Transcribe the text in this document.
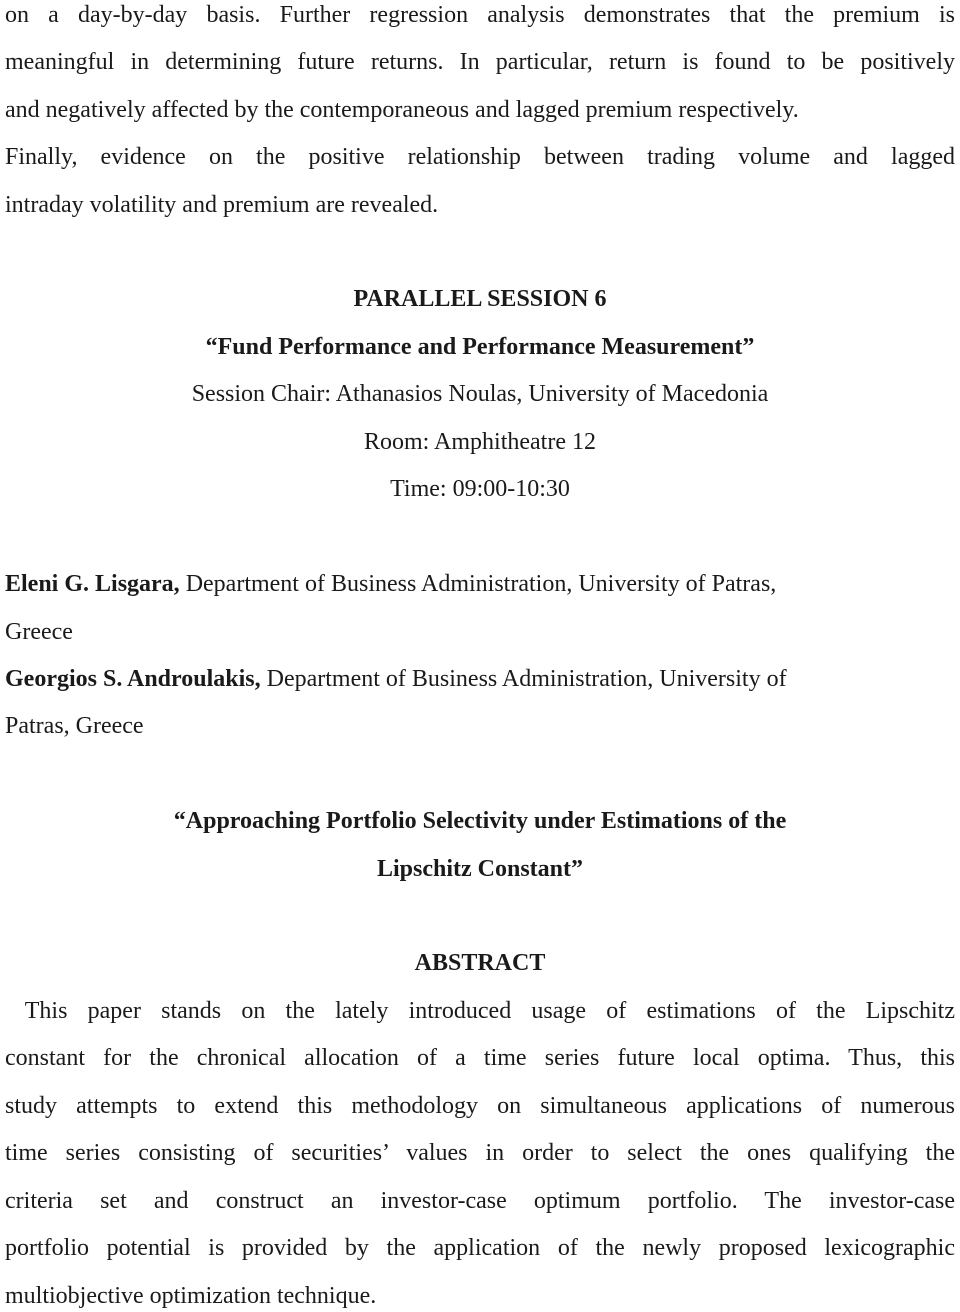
on a day-by-day basis. Further regression analysis demonstrates that the premium is
meaningful in determining future returns. In particular, return is found to be positively
and negatively affected by the contemporaneous and lagged premium respectively.
Finally, evidence on the positive relationship between trading volume and lagged
intraday volatility and premium are revealed.
PARALLEL SESSION 6
“Fund Performance and Performance Measurement”
Session Chair: Athanasios Noulas, University of Macedonia
Room: Amphitheatre 12
Time: 09:00-10:30
Eleni G. Lisgara, Department of Business Administration, University of Patras,
Greece
Georgios S. Androulakis, Department of Business Administration, University of
Patras, Greece
“Approaching Portfolio Selectivity under Estimations of the
Lipschitz Constant”
ABSTRACT
This paper stands on the lately introduced usage of estimations of the Lipschitz
constant for the chronical allocation of a time series future local optima. Thus, this
study attempts to extend this methodology on simultaneous applications of numerous
time series consisting of securities’ values in order to select the ones qualifying the
criteria set and construct an investor-case optimum portfolio. The investor-case
portfolio potential is provided by the application of the newly proposed lexicographic
multiobjective optimization technique.
